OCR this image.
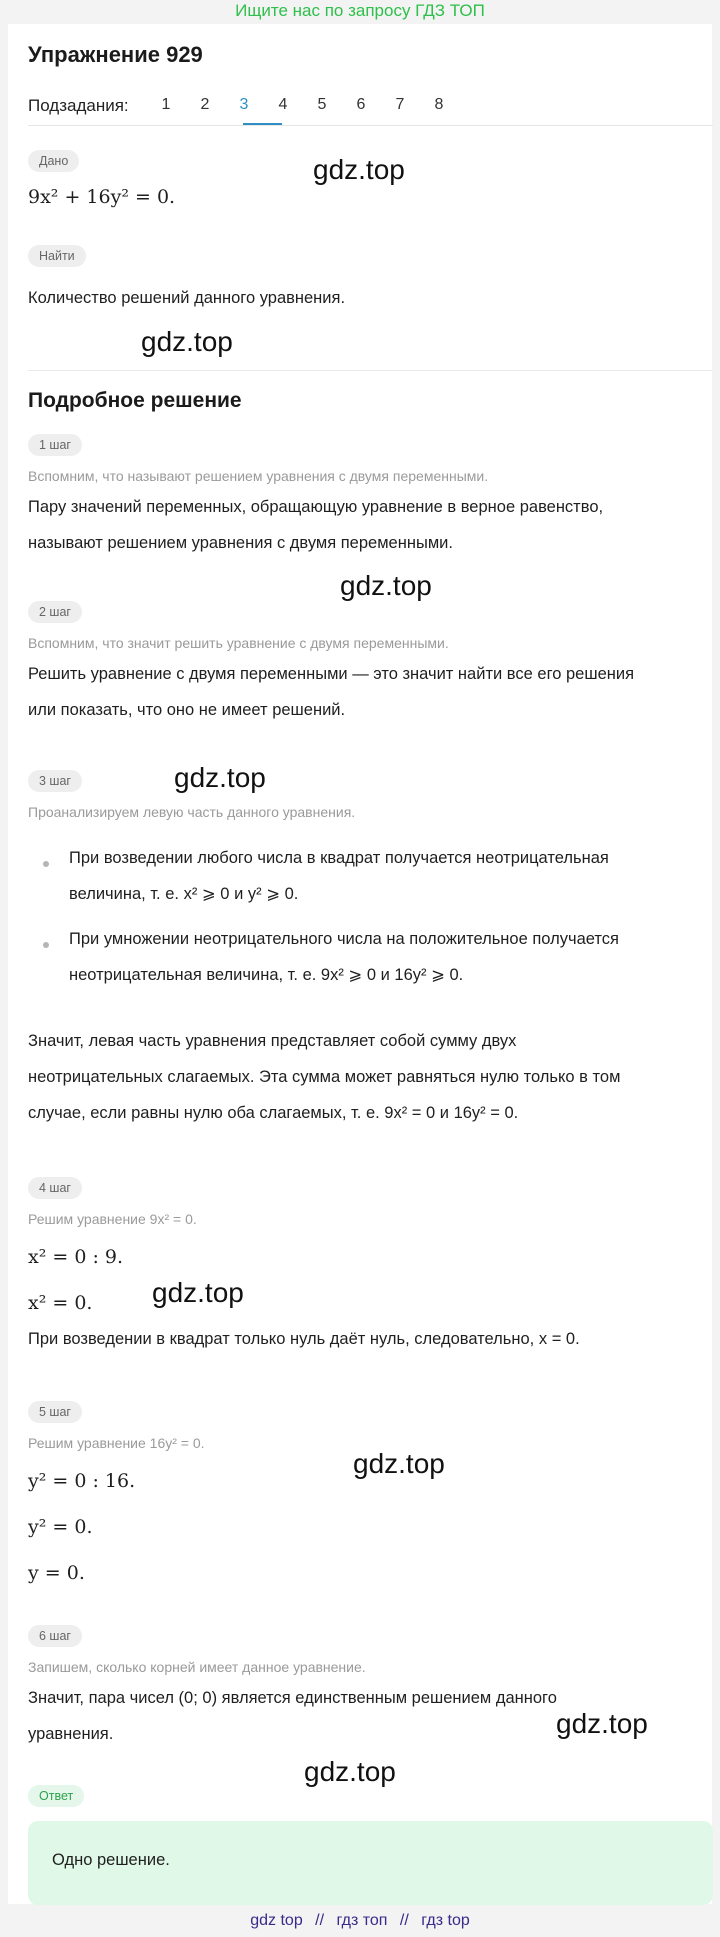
Ищите нас по запросу ГДЗ ТОП
Упражнение 929
Подзадания:	1	2	3	4	5	6	7	8
Дано
9x² + 16y² = 0.
Найти
Количество решений данного уравнения.
Подробное решение
1 шаг
Вспомним, что называют решением уравнения с двумя переменными.
Пару значений переменных, обращающую уравнение в верное равенство,
называют решением уравнения с двумя переменными.
2 шаг
Вспомним, что значит решить уравнение с двумя переменными.
Решить уравнение с двумя переменными — это значит найти все его решения
или показать, что оно не имеет решений.
3 шаг
Проанализируем левую часть данного уравнения.
При возведении любого числа в квадрат получается неотрицательная
величина, т. е. x² ⩾ 0 и y² ⩾ 0.
При умножении неотрицательного числа на положительное получается
неотрицательная величина, т. е. 9x² ⩾ 0 и 16y² ⩾ 0.
Значит, левая часть уравнения представляет собой сумму двух
неотрицательных слагаемых. Эта сумма может равняться нулю только в том
случае, если равны нулю оба слагаемых, т. е. 9x² = 0 и 16y² = 0.
4 шаг
Решим уравнение 9x² = 0.
x² = 0 : 9.
x² = 0.
При возведении в квадрат только нуль даёт нуль, следовательно, x = 0.
5 шаг
Решим уравнение 16y² = 0.
y² = 0 : 16.
y² = 0.
y = 0.
6 шаг
Запишем, сколько корней имеет данное уравнение.
Значит, пара чисел (0; 0) является единственным решением данного
уравнения.
Ответ
Одно решение.
gdz.top
gdz.top
gdz.top
gdz.top
gdz.top
gdz.top
gdz.top
gdz.top
gdz top // гдз топ // гдз top
